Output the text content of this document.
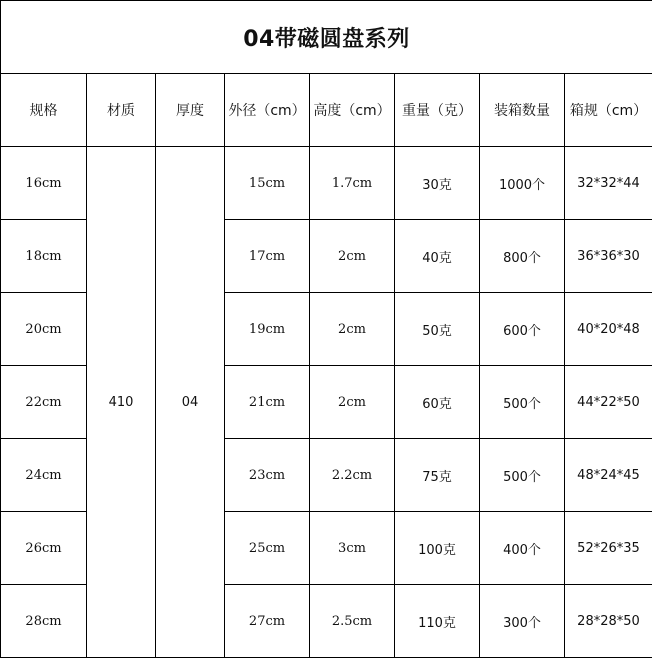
04带磁圆盘系列							
规格	材质	厚度	外径（cm）	高度（cm）	重量（克）	装箱数量	箱规（cm）
16cm	410	04	15cm	1.7cm	30克	1000个	32*32*44
18cm			17cm	2cm	40克	800个	36*36*30
20cm			19cm	2cm	50克	600个	40*20*48
22cm			21cm	2cm	60克	500个	44*22*50
24cm			23cm	2.2cm	75克	500个	48*24*45
26cm			25cm	3cm	100克	400个	52*26*35
28cm			27cm	2.5cm	110克	300个	28*28*50
